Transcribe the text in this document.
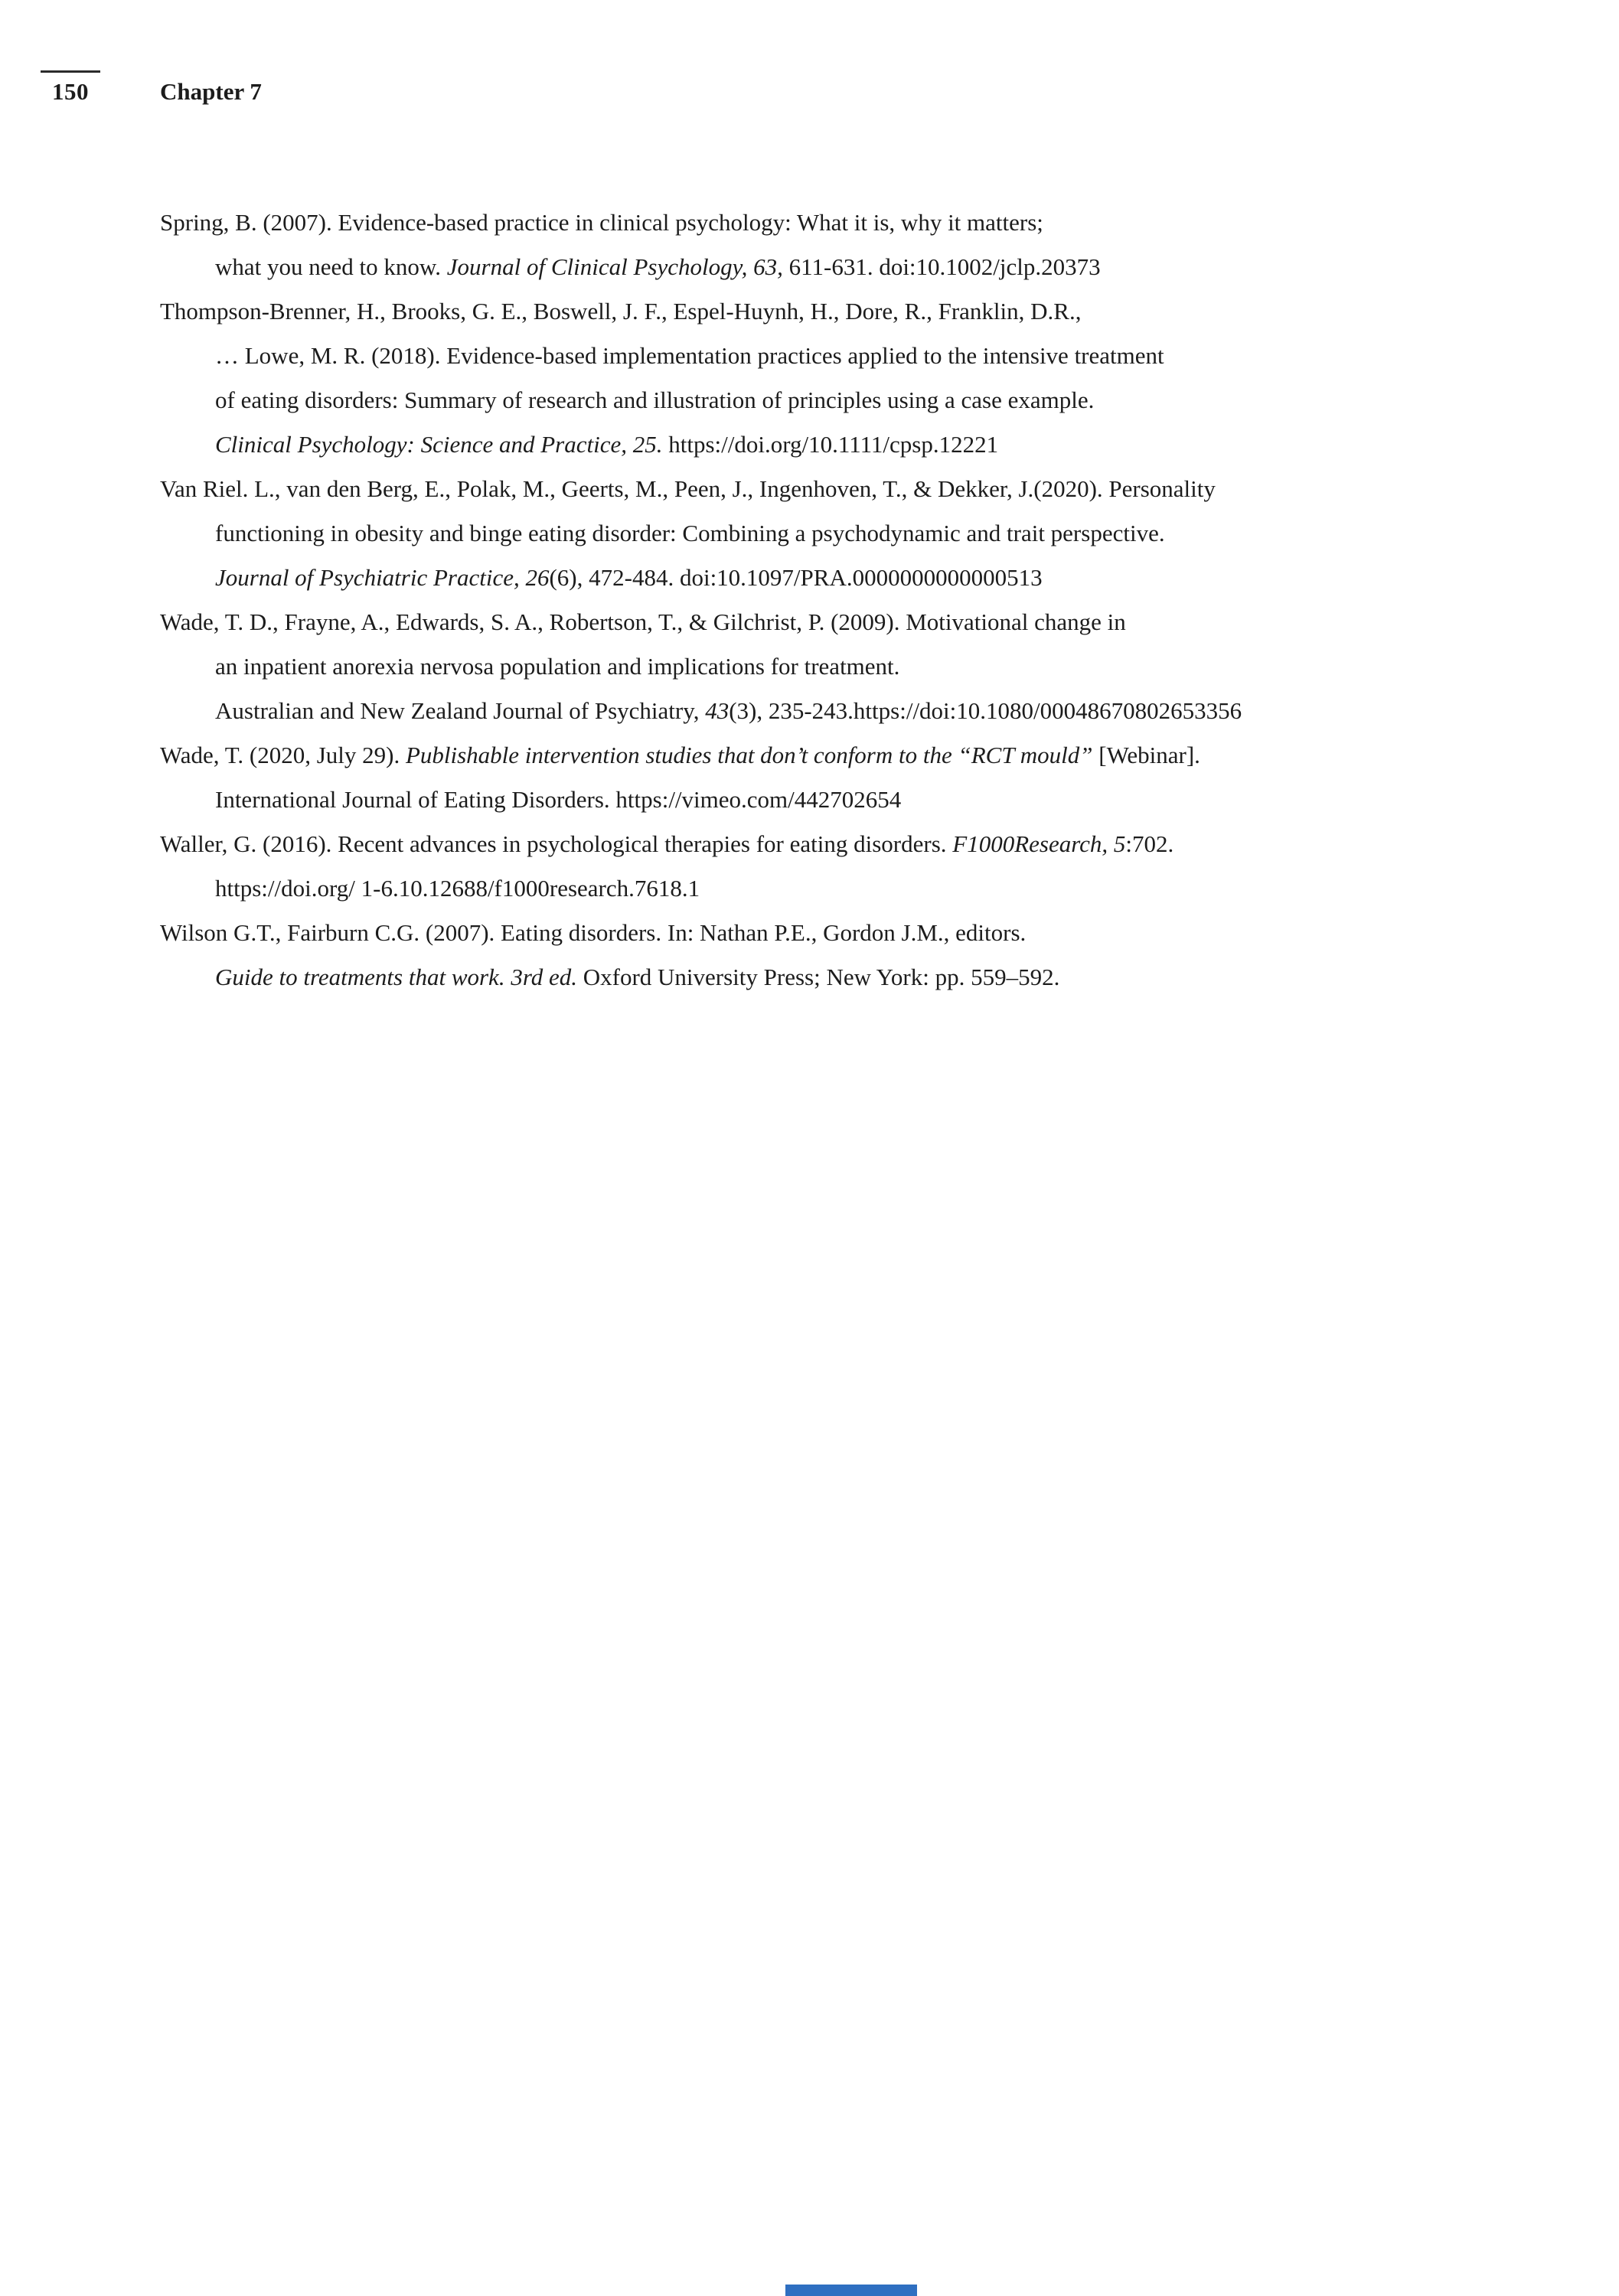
150	Chapter 7
Spring, B. (2007). Evidence-based practice in clinical psychology: What it is, why it matters;
what you need to know. Journal of Clinical Psychology, 63, 611-631. doi:10.1002/jclp.20373
Thompson-Brenner, H., Brooks, G. E., Boswell, J. F., Espel-Huynh, H., Dore, R., Franklin, D.R.,
… Lowe, M. R. (2018). Evidence-based implementation practices applied to the intensive treatment
of eating disorders: Summary of research and illustration of principles using a case example.
Clinical Psychology: Science and Practice, 25. https://doi.org/10.1111/cpsp.12221
Van Riel. L., van den Berg, E., Polak, M., Geerts, M., Peen, J., Ingenhoven, T., & Dekker, J.(2020). Personality
functioning in obesity and binge eating disorder: Combining a psychodynamic and trait perspective.
Journal of Psychiatric Practice, 26(6), 472-484. doi:10.1097/PRA.0000000000000513
Wade, T. D., Frayne, A., Edwards, S. A., Robertson, T., & Gilchrist, P. (2009). Motivational change in
an inpatient anorexia nervosa population and implications for treatment.
Australian and New Zealand Journal of Psychiatry, 43(3), 235-243.https://doi:10.1080/00048670802653356
Wade, T. (2020, July 29). Publishable intervention studies that don’t conform to the “RCT mould” [Webinar].
International Journal of Eating Disorders. https://vimeo.com/442702654
Waller, G. (2016). Recent advances in psychological therapies for eating disorders. F1000Research, 5:702.
https://doi.org/ 1-6.10.12688/f1000research.7618.1
Wilson G.T., Fairburn C.G. (2007). Eating disorders. In: Nathan P.E., Gordon J.M., editors.
Guide to treatments that work. 3rd ed. Oxford University Press; New York: pp. 559–592.
